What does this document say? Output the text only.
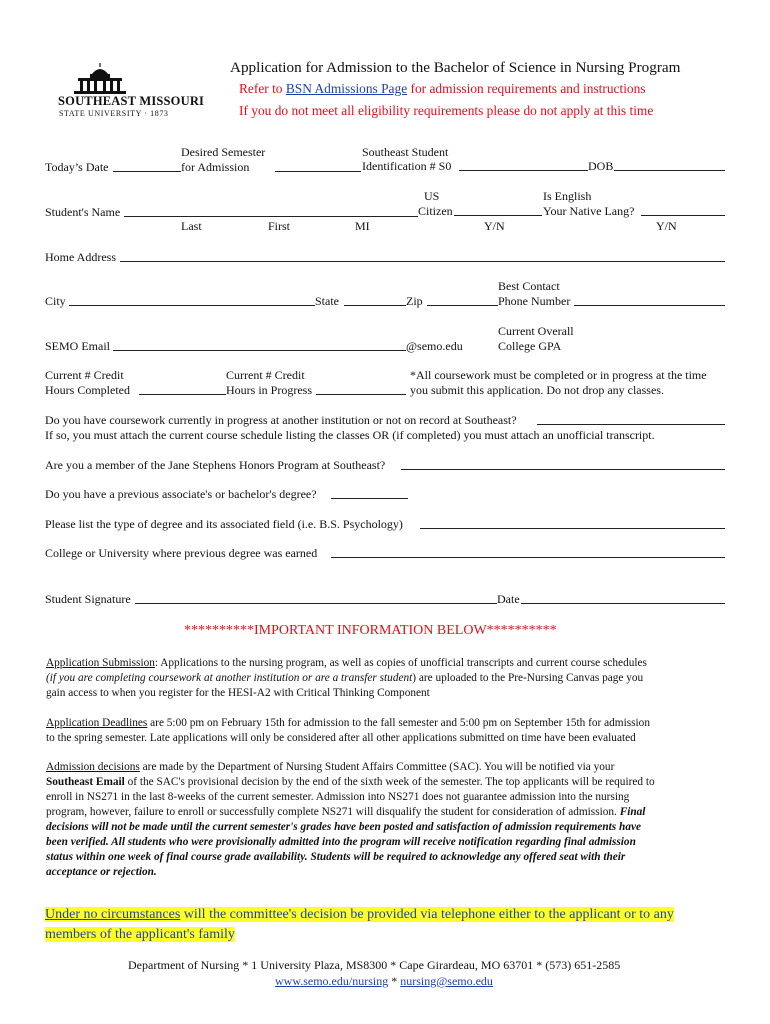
SOUTHEAST MISSOURI
STATE UNIVERSITY · 1873
Application for Admission to the Bachelor of Science in Nursing Program
Refer to BSN Admissions Page for admission requirements and instructions
If you do not meet all eligibility requirements please do not apply at this time
Desired Semester
Today’s Date	for Admission
Southeast Student
Identification # S0	DOB
US	Is English
Student's Name	Citizen	Your Native Lang?
Last	First	MI	Y/N	Y/N
Home Address
Best Contact
City	State	Zip	Phone Number
Current Overall
SEMO Email	@semo.edu	College GPA
Current # Credit
Hours Completed
Current # Credit
Hours in Progress
*All coursework must be completed or in progress at the time
you submit this application. Do not drop any classes.
Do you have coursework currently in progress at another institution or not on record at Southeast?
If so, you must attach the current course schedule listing the classes OR (if completed) you must attach an unofficial transcript.
Are you a member of the Jane Stephens Honors Program at Southeast?
Do you have a previous associate's or bachelor's degree?
Please list the type of degree and its associated field (i.e. B.S. Psychology)
College or University where previous degree was earned
Student Signature	Date
**********IMPORTANT INFORMATION BELOW**********
Application Submission: Applications to the nursing program, as well as copies of unofficial transcripts and current course schedules
(if you are completing coursework at another institution or are a transfer student) are uploaded to the Pre-Nursing Canvas page you
gain access to when you register for the HESI-A2 with Critical Thinking Component
Application Deadlines are 5:00 pm on February 15th for admission to the fall semester and 5:00 pm on September 15th for admission
to the spring semester. Late applications will only be considered after all other applications submitted on time have been evaluated
Admission decisions are made by the Department of Nursing Student Affairs Committee (SAC). You will be notified via your
Southeast Email of the SAC's provisional decision by the end of the sixth week of the semester. The top applicants will be required to
enroll in NS271 in the last 8-weeks of the current semester. Admission into NS271 does not guarantee admission into the nursing
program, however, failure to enroll or successfully complete NS271 will disqualify the student for consideration of admission. Final
decisions will not be made until the current semester's grades have been posted and satisfaction of admission requirements have
been verified. All students who were provisionally admitted into the program will receive notification regarding final admission
status within one week of final course grade availability. Students will be required to acknowledge any offered seat with their
acceptance or rejection.
Under no circumstances will the committee's decision be provided via telephone either to the applicant or to any
members of the applicant's family
Department of Nursing * 1 University Plaza, MS8300 * Cape Girardeau, MO 63701 * (573) 651-2585
www.semo.edu/nursing * nursing@semo.edu
